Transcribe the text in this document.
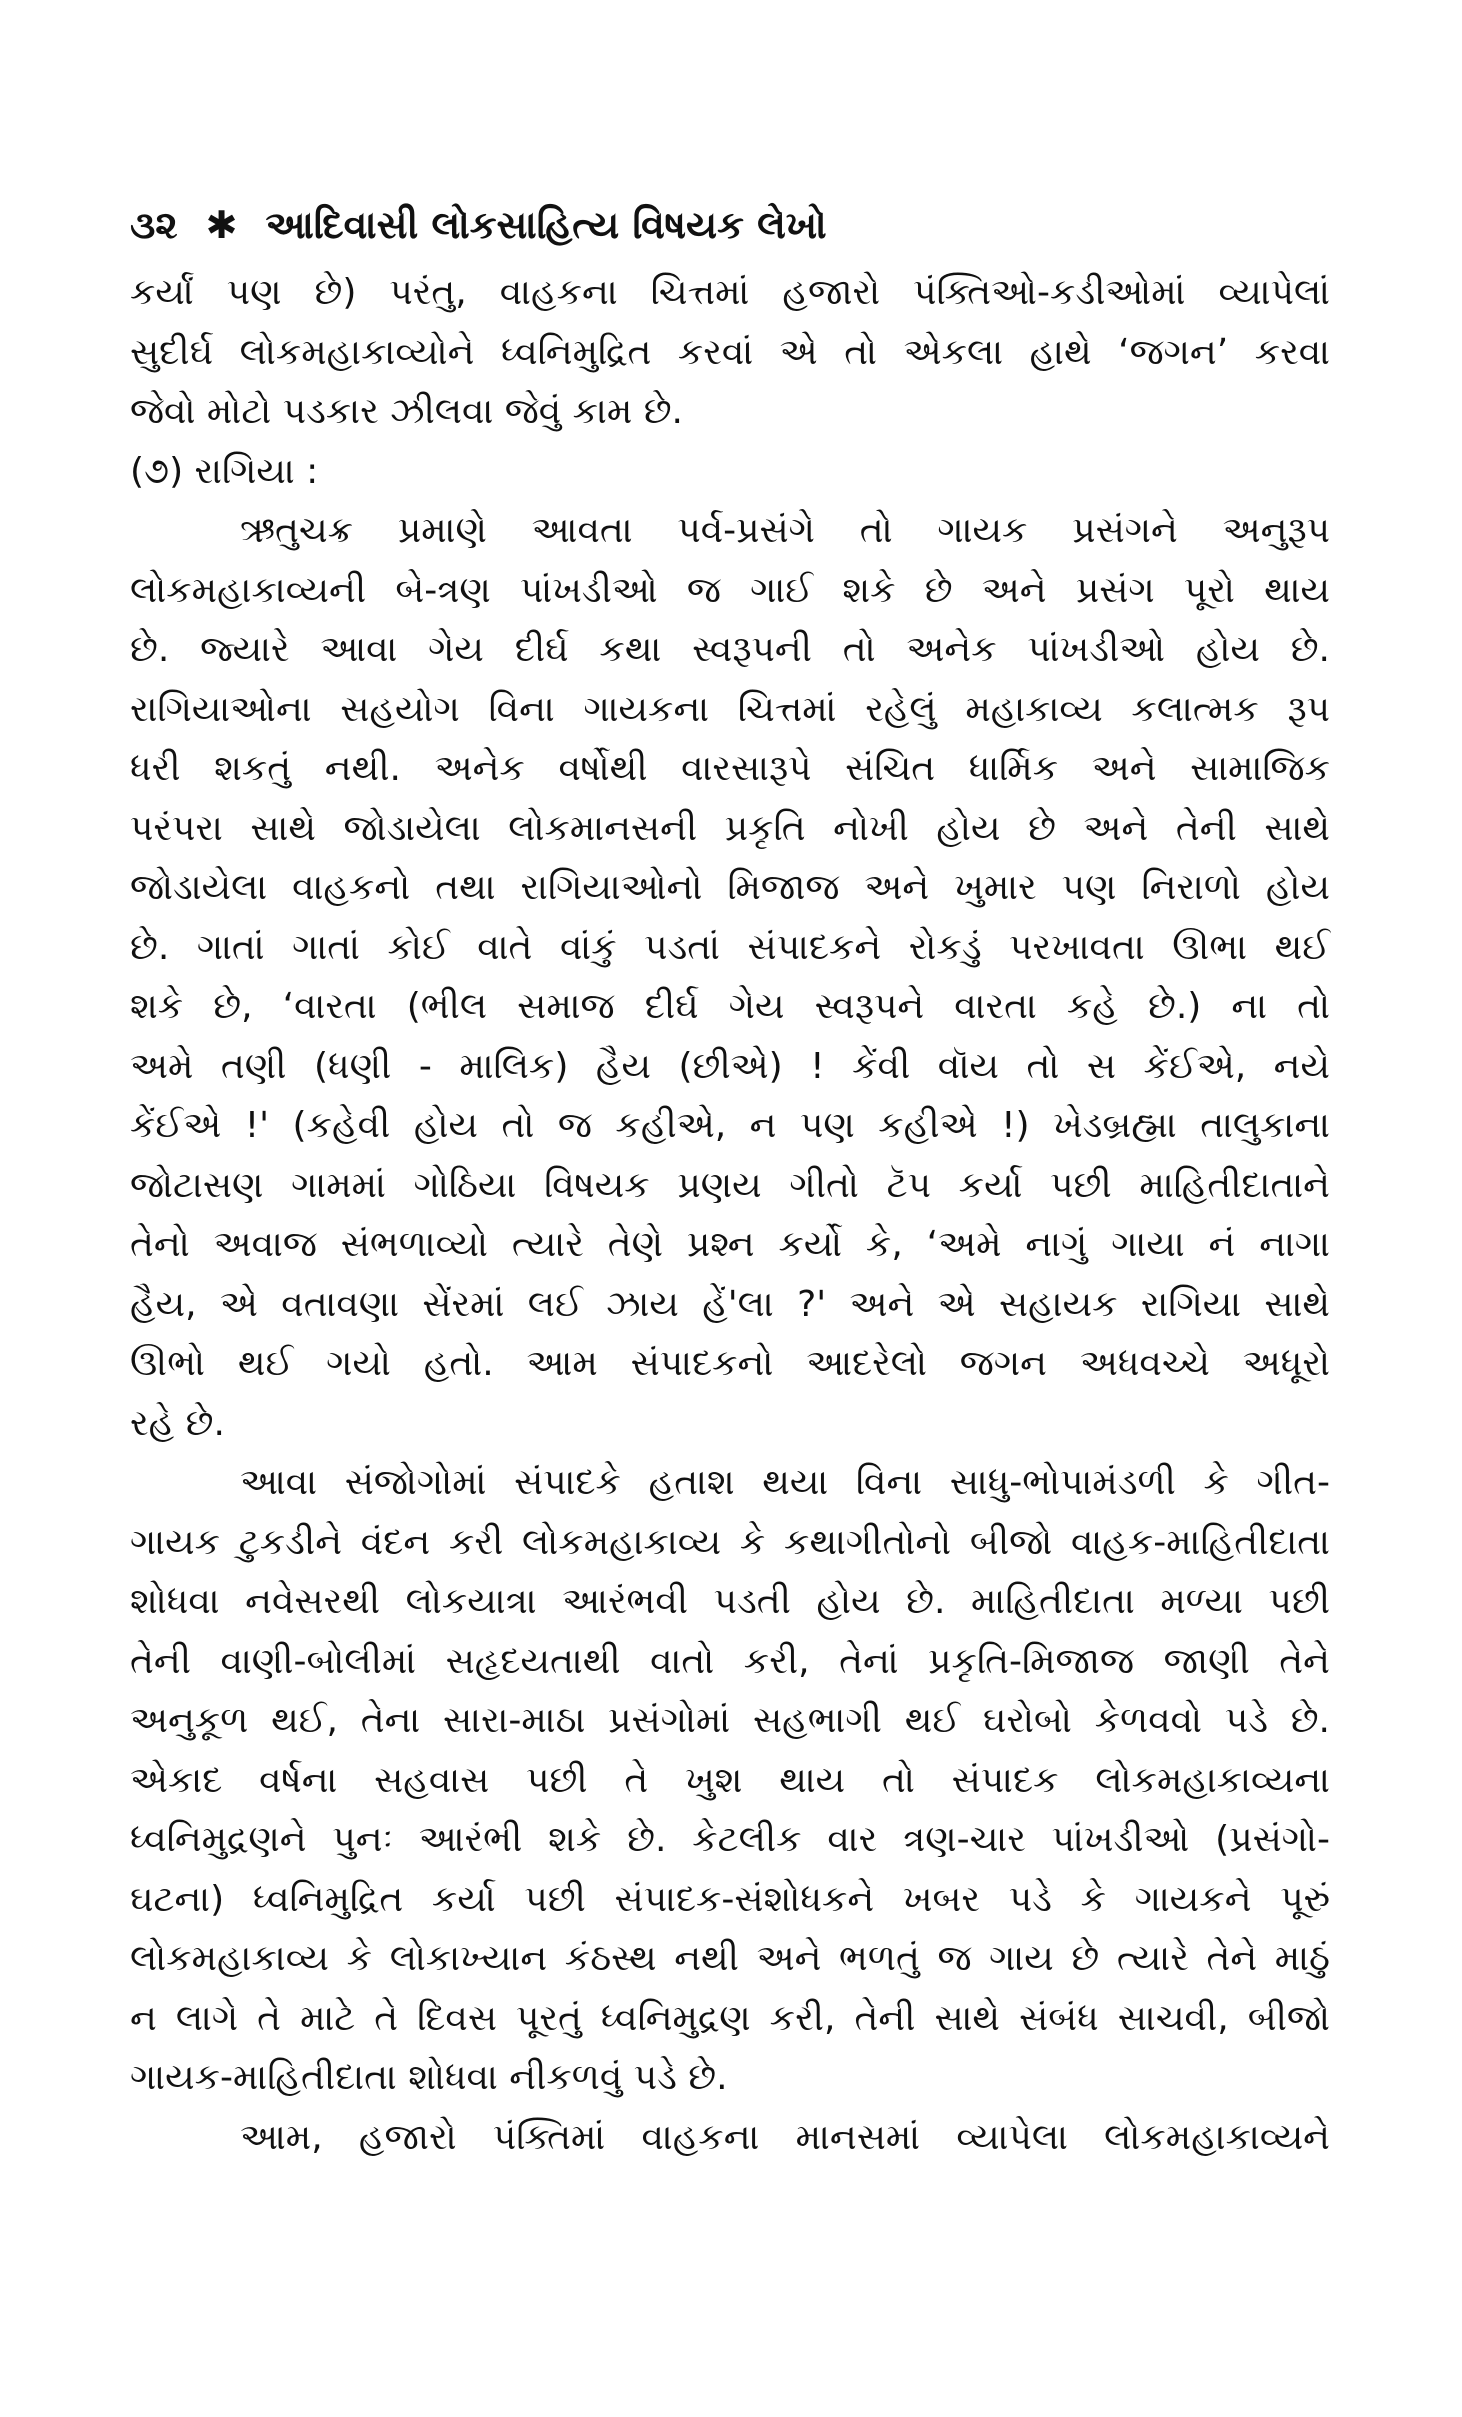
૩૨ ✱ આદિવાસી લોકસાહિત્ય વિષયક લેખો
કર્યાં પણ છે) પરંતુ, વાહકના ચિત્તમાં હજારો પંક્તિઓ-કડીઓમાં વ્યાપેલાં
સુદીર્ઘ લોકમહાકાવ્યોને ધ્વનિમુદ્રિત કરવાં એ તો એકલા હાથે ‘જગન’ કરવા
જેવો મોટો પડકાર ઝીલવા જેવું કામ છે.
(૭) રાગિયા :
ઋતુચક્ર પ્રમાણે આવતા પર્વ-પ્રસંગે તો ગાયક પ્રસંગને અનુરૂપ
લોકમહાકાવ્યની બે-ત્રણ પાંખડીઓ જ ગાઈ શકે છે અને પ્રસંગ પૂરો થાય
છે. જ્યારે આવા ગેય દીર્ઘ કથા સ્વરૂપની તો અનેક પાંખડીઓ હોય છે.
રાગિયાઓના સહયોગ વિના ગાયકના ચિત્તમાં રહેલું મહાકાવ્ય કલાત્મક રૂપ
ધરી શકતું નથી. અનેક વર્ષોથી વારસારૂપે સંચિત ધાર્મિક અને સામાજિક
પરંપરા સાથે જોડાયેલા લોકમાનસની પ્રકૃતિ નોખી હોય છે અને તેની સાથે
જોડાયેલા વાહકનો તથા રાગિયાઓનો મિજાજ અને ખુમાર પણ નિરાળો હોય
છે. ગાતાં ગાતાં કોઈ વાતે વાંકું પડતાં સંપાદકને રોકડું પરખાવતા ઊભા થઈ
શકે છે, ‘વારતા (ભીલ સમાજ દીર્ઘ ગેય સ્વરૂપને વારતા કહે છે.) ના તો
અમે તણી (ધણી - માલિક) હૈય (છીએ) ! કેંવી વૉય તો સ કેંઈએ, નયે
કેંઈએ !' (કહેવી હોય તો જ કહીએ, ન પણ કહીએ !) ખેડબ્રહ્મા તાલુકાના
જોટાસણ ગામમાં ગોઠિયા વિષયક પ્રણય ગીતો ટૅપ કર્યા પછી માહિતીદાતાને
તેનો અવાજ સંભળાવ્યો ત્યારે તેણે પ્રશ્ન કર્યો કે, ‘અમે નાગું ગાયા નં નાગા
હૈય, એ વતાવણા સેંરમાં લઈ ઝાય હેં'લા ?' અને એ સહાયક રાગિયા સાથે
ઊભો થઈ ગયો હતો. આમ સંપાદકનો આદરેલો જગન અધવચ્ચે અધૂરો
રહે છે.
આવા સંજોગોમાં સંપાદકે હતાશ થયા વિના સાધુ-ભોપામંડળી કે ગીત-
ગાયક ટુકડીને વંદન કરી લોકમહાકાવ્ય કે કથાગીતોનો બીજો વાહક-માહિતીદાતા
શોધવા નવેસરથી લોકયાત્રા આરંભવી પડતી હોય છે. માહિતીદાતા મળ્યા પછી
તેની વાણી-બોલીમાં સહૃદયતાથી વાતો કરી, તેનાં પ્રકૃતિ-મિજાજ જાણી તેને
અનુકૂળ થઈ, તેના સારા-માઠા પ્રસંગોમાં સહભાગી થઈ ઘરોબો કેળવવો પડે છે.
એકાદ વર્ષના સહવાસ પછી તે ખુશ થાય તો સંપાદક લોકમહાકાવ્યના
ધ્વનિમુદ્રણને પુનઃ આરંભી શકે છે. કેટલીક વાર ત્રણ-ચાર પાંખડીઓ (પ્રસંગો-
ઘટના) ધ્વનિમુદ્રિત કર્યા પછી સંપાદક-સંશોધકને ખબર પડે કે ગાયકને પૂરું
લોકમહાકાવ્ય કે લોકાખ્યાન કંઠસ્થ નથી અને ભળતું જ ગાય છે ત્યારે તેને માઠું
ન લાગે તે માટે તે દિવસ પૂરતું ધ્વનિમુદ્રણ કરી, તેની સાથે સંબંધ સાચવી, બીજો
ગાયક-માહિતીદાતા શોધવા નીકળવું પડે છે.
આમ, હજારો પંક્તિમાં વાહકના માનસમાં વ્યાપેલા લોકમહાકાવ્યને
